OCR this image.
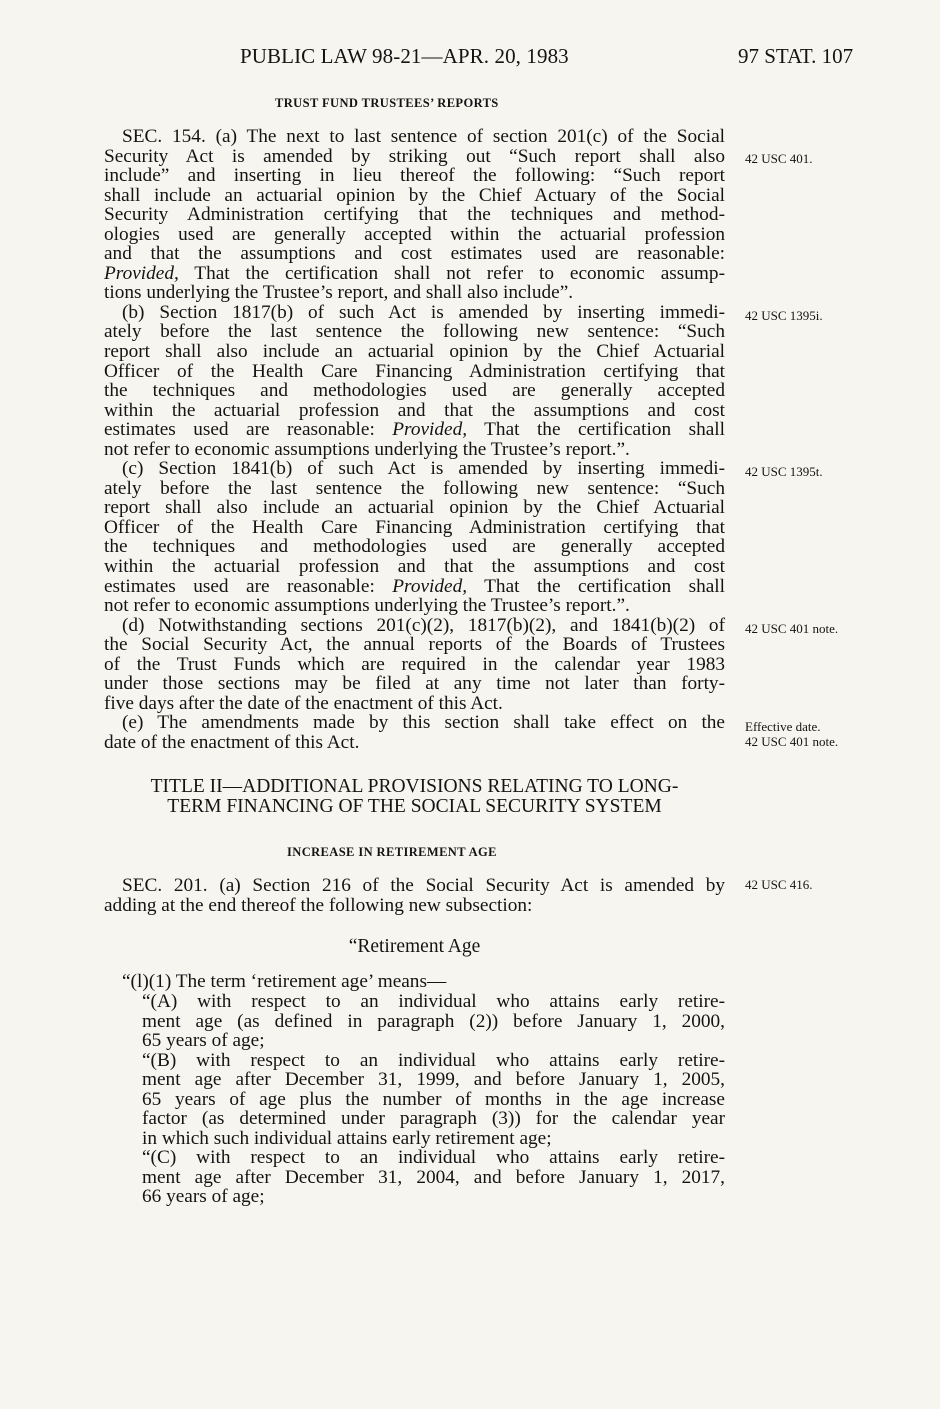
PUBLIC LAW 98-21—APR. 20, 1983	97 STAT. 107
TRUST FUND TRUSTEES’ REPORTS
SEC. 154. (a) The next to last sentence of section 201(c) of the Social
Security Act is amended by striking out “Such report shall also
include” and inserting in lieu thereof the following: “Such report
shall include an actuarial opinion by the Chief Actuary of the Social
Security Administration certifying that the techniques and method-
ologies used are generally accepted within the actuarial profession
and that the assumptions and cost estimates used are reasonable:
Provided, That the certification shall not refer to economic assump-
tions underlying the Trustee’s report, and shall also include”.
(b) Section 1817(b) of such Act is amended by inserting immedi-
ately before the last sentence the following new sentence: “Such
report shall also include an actuarial opinion by the Chief Actuarial
Officer of the Health Care Financing Administration certifying that
the techniques and methodologies used are generally accepted
within the actuarial profession and that the assumptions and cost
estimates used are reasonable: Provided, That the certification shall
not refer to economic assumptions underlying the Trustee’s report.”.
(c) Section 1841(b) of such Act is amended by inserting immedi-
ately before the last sentence the following new sentence: “Such
report shall also include an actuarial opinion by the Chief Actuarial
Officer of the Health Care Financing Administration certifying that
the techniques and methodologies used are generally accepted
within the actuarial profession and that the assumptions and cost
estimates used are reasonable: Provided, That the certification shall
not refer to economic assumptions underlying the Trustee’s report.”.
(d) Notwithstanding sections 201(c)(2), 1817(b)(2), and 1841(b)(2) of
the Social Security Act, the annual reports of the Boards of Trustees
of the Trust Funds which are required in the calendar year 1983
under those sections may be filed at any time not later than forty-
five days after the date of the enactment of this Act.
(e) The amendments made by this section shall take effect on the
date of the enactment of this Act.
42 USC 401.
42 USC 1395i.
42 USC 1395t.
42 USC 401 note.
Effective date.
42 USC 401 note.
42 USC 416.
TITLE II—ADDITIONAL PROVISIONS RELATING TO LONG-
TERM FINANCING OF THE SOCIAL SECURITY SYSTEM
INCREASE IN RETIREMENT AGE
SEC. 201. (a) Section 216 of the Social Security Act is amended by
adding at the end thereof the following new subsection:
“Retirement Age
“(l)(1) The term ‘retirement age’ means—
“(A) with respect to an individual who attains early retire-
ment age (as defined in paragraph (2)) before January 1, 2000,
65 years of age;
“(B) with respect to an individual who attains early retire-
ment age after December 31, 1999, and before January 1, 2005,
65 years of age plus the number of months in the age increase
factor (as determined under paragraph (3)) for the calendar year
in which such individual attains early retirement age;
“(C) with respect to an individual who attains early retire-
ment age after December 31, 2004, and before January 1, 2017,
66 years of age;
